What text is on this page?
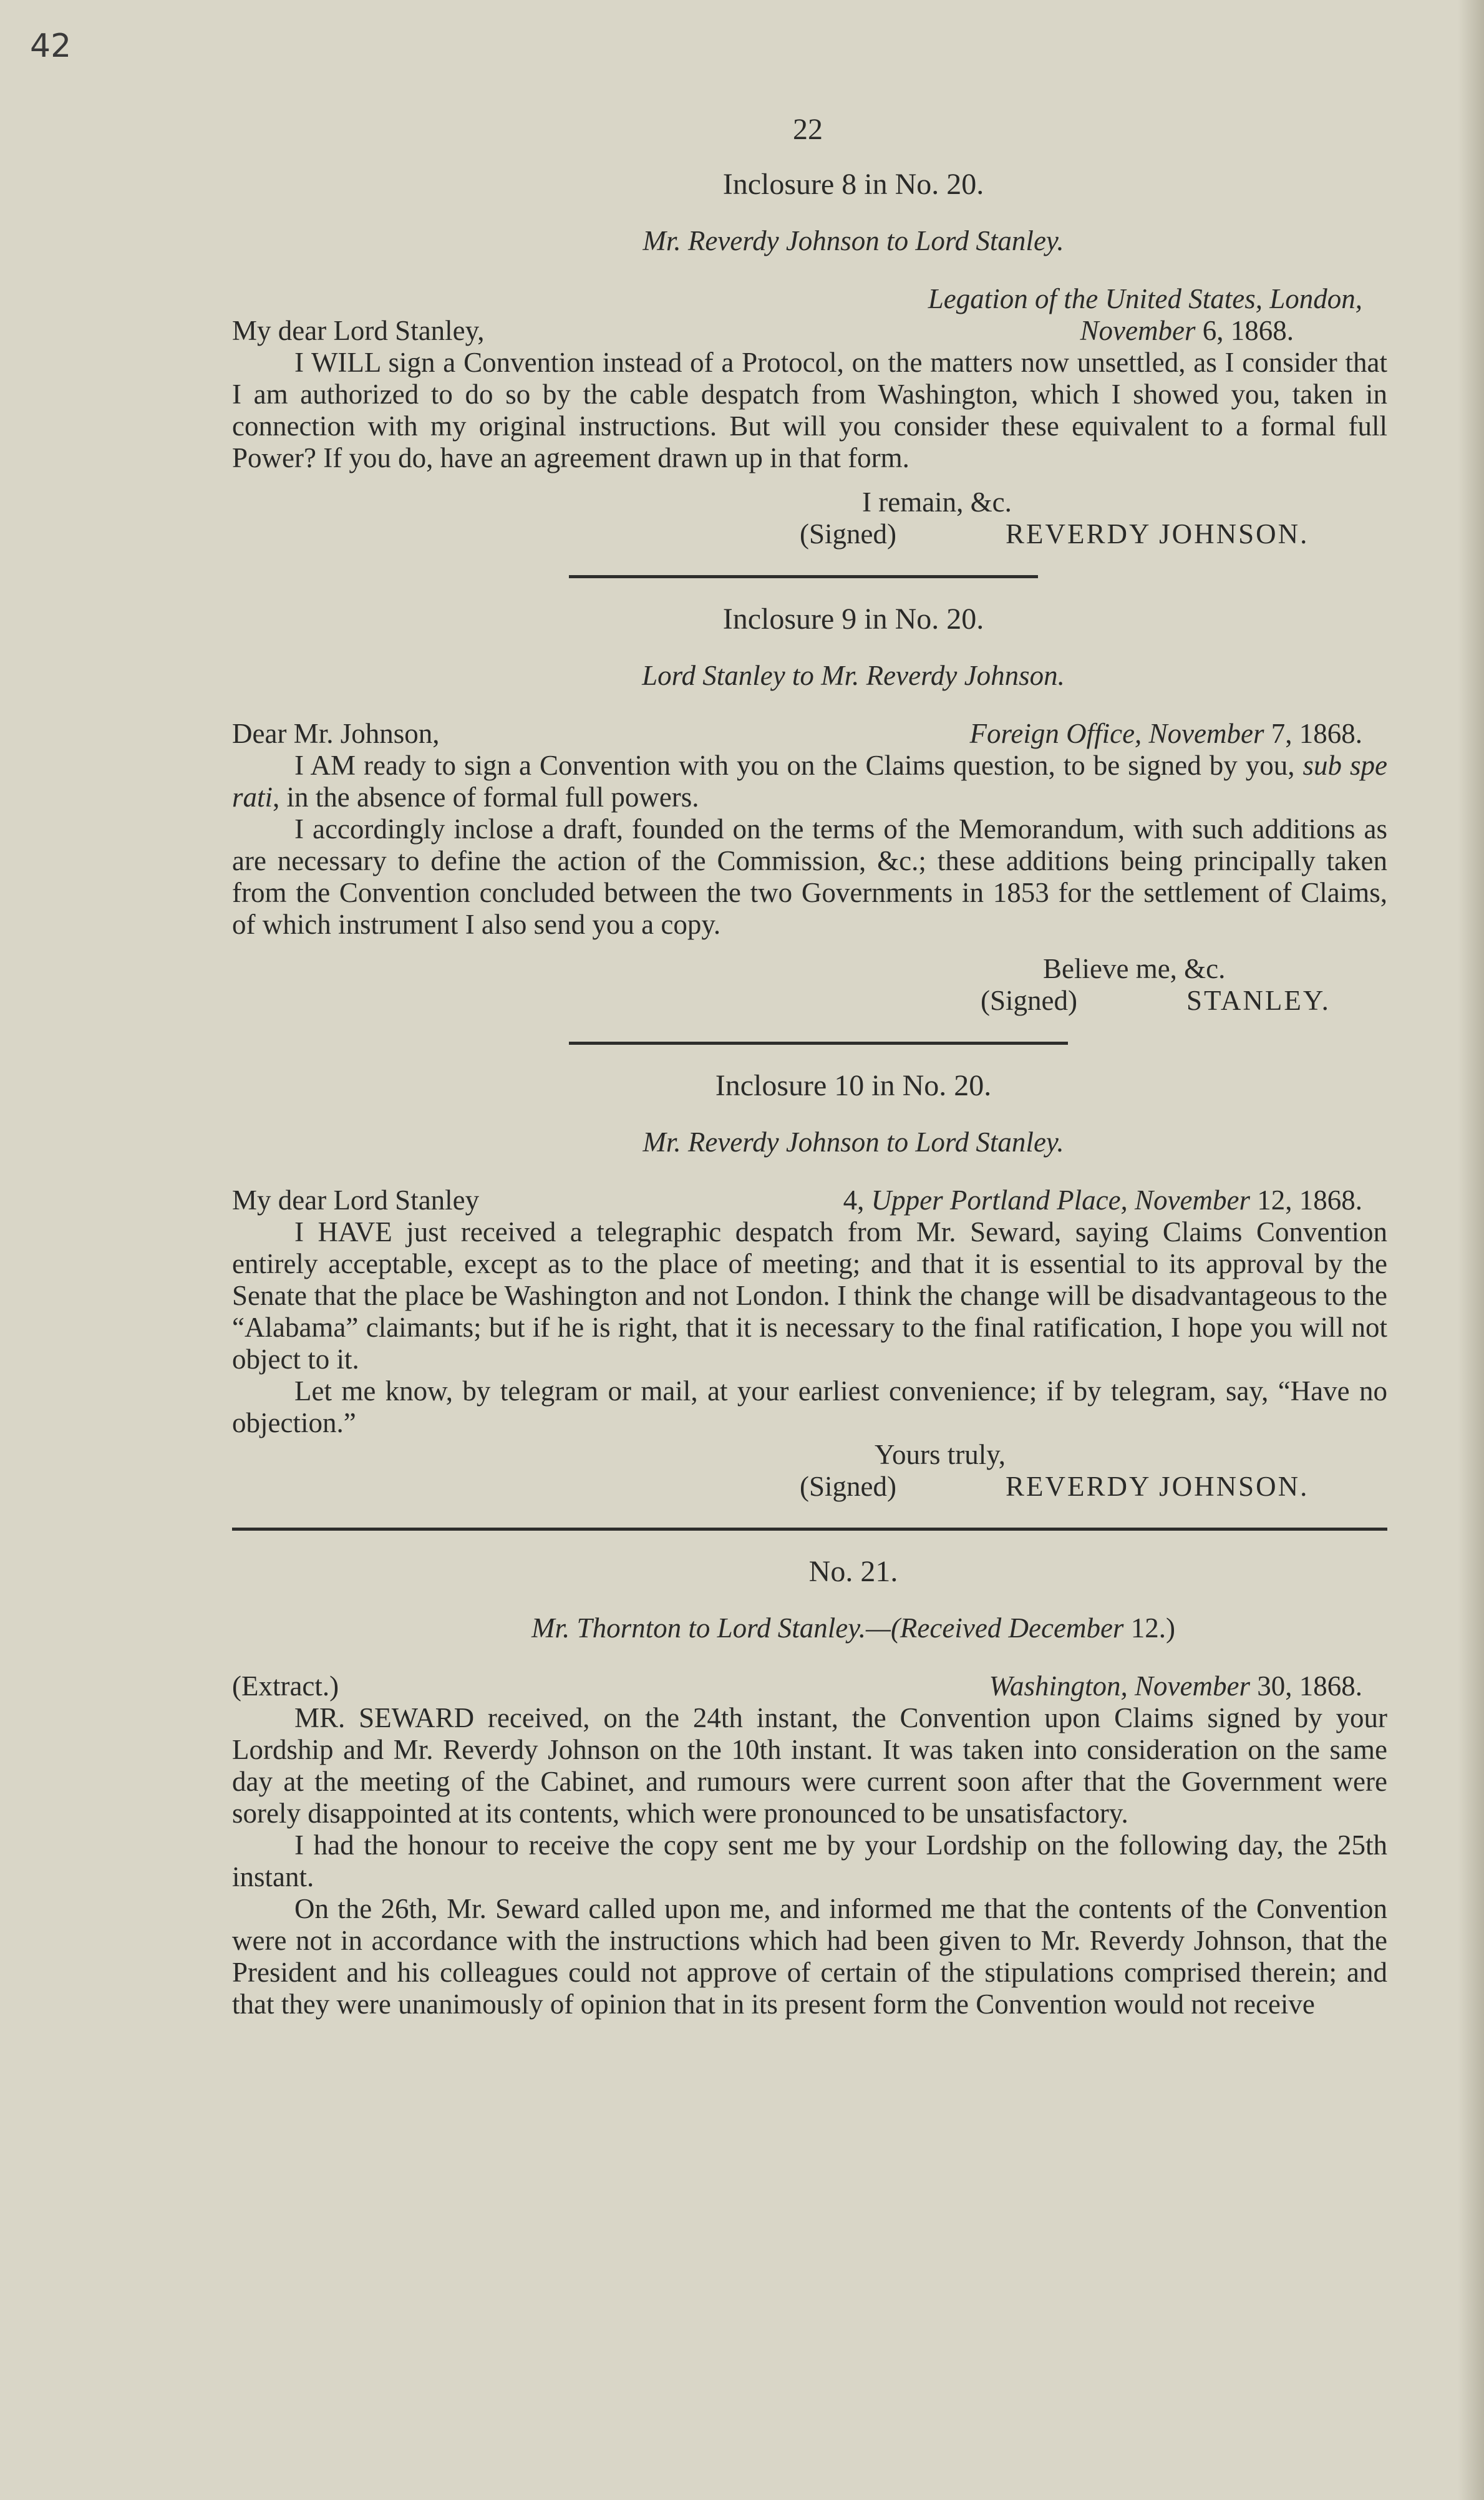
42
22
Inclosure 8 in No. 20.
Mr. Reverdy Johnson to Lord Stanley.
Legation of the United States, London,
My dear Lord Stanley,	November 6, 1868.

I WILL sign a Convention instead of a Protocol, on the matters now unsettled, as I consider that I am authorized to do so by the cable despatch from Washington, which I showed you, taken in connection with my original instructions. But will you consider these equivalent to a formal full Power? If you do, have an agreement drawn up in that form.

I remain, &c.
(Signed)	REVERDY JOHNSON.
Inclosure 9 in No. 20.
Lord Stanley to Mr. Reverdy Johnson.
Dear Mr. Johnson,	Foreign Office, November 7, 1868.

I AM ready to sign a Convention with you on the Claims question, to be signed by you, sub spe rati, in the absence of formal full powers.

I accordingly inclose a draft, founded on the terms of the Memorandum, with such additions as are necessary to define the action of the Commission, &c.; these additions being principally taken from the Convention concluded between the two Governments in 1853 for the settlement of Claims, of which instrument I also send you a copy.

Believe me, &c.
(Signed)	STANLEY.
Inclosure 10 in No. 20.
Mr. Reverdy Johnson to Lord Stanley.
My dear Lord Stanley	4, Upper Portland Place, November 12, 1868.

I HAVE just received a telegraphic despatch from Mr. Seward, saying Claims Convention entirely acceptable, except as to the place of meeting; and that it is essential to its approval by the Senate that the place be Washington and not London. I think the change will be disadvantageous to the “Alabama” claimants; but if he is right, that it is necessary to the final ratification, I hope you will not object to it.

Let me know, by telegram or mail, at your earliest convenience; if by telegram, say, “Have no objection.”

Yours truly,
(Signed)	REVERDY JOHNSON.
No. 21.
Mr. Thornton to Lord Stanley.—(Received December 12.)
(Extract.)	Washington, November 30, 1868.

MR. SEWARD received, on the 24th instant, the Convention upon Claims signed by your Lordship and Mr. Reverdy Johnson on the 10th instant. It was taken into consideration on the same day at the meeting of the Cabinet, and rumours were current soon after that the Government were sorely disappointed at its contents, which were pronounced to be unsatisfactory.

I had the honour to receive the copy sent me by your Lordship on the following day, the 25th instant.

On the 26th, Mr. Seward called upon me, and informed me that the contents of the Convention were not in accordance with the instructions which had been given to Mr. Reverdy Johnson, that the President and his colleagues could not approve of certain of the stipulations comprised therein; and that they were unanimously of opinion that in its present form the Convention would not receive
